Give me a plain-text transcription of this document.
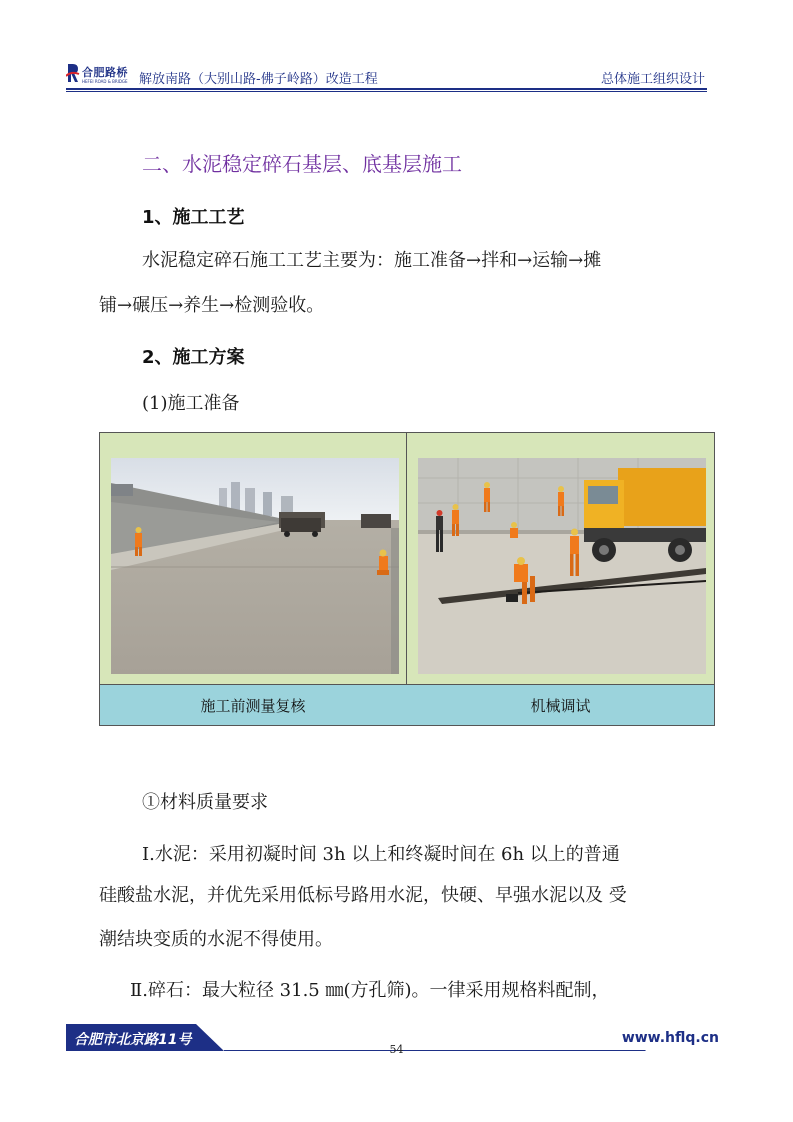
合肥路桥
HEFEI ROAD & BRIDGE 解放南路（大别山路-佛子岭路）改造工程	总体施工组织设计
二、水泥稳定碎石基层、底基层施工
1、施工工艺
水泥稳定碎石施工工艺主要为：施工准备→拌和→运输→摊
铺→碾压→养生→检测验收。
2、施工方案
(1)施工准备
施工前测量复核	机械调试
①材料质量要求
Ⅰ.水泥：采用初凝时间 3h 以上和终凝时间在 6h 以上的普通
硅酸盐水泥，并优先采用低标号路用水泥，快硬、早强水泥以及 受
潮结块变质的水泥不得使用。
Ⅱ.碎石：最大粒径 31.5 ㎜(方孔筛)。一律采用规格料配制，
合肥市北京路11号	www.hflq.cn
54
